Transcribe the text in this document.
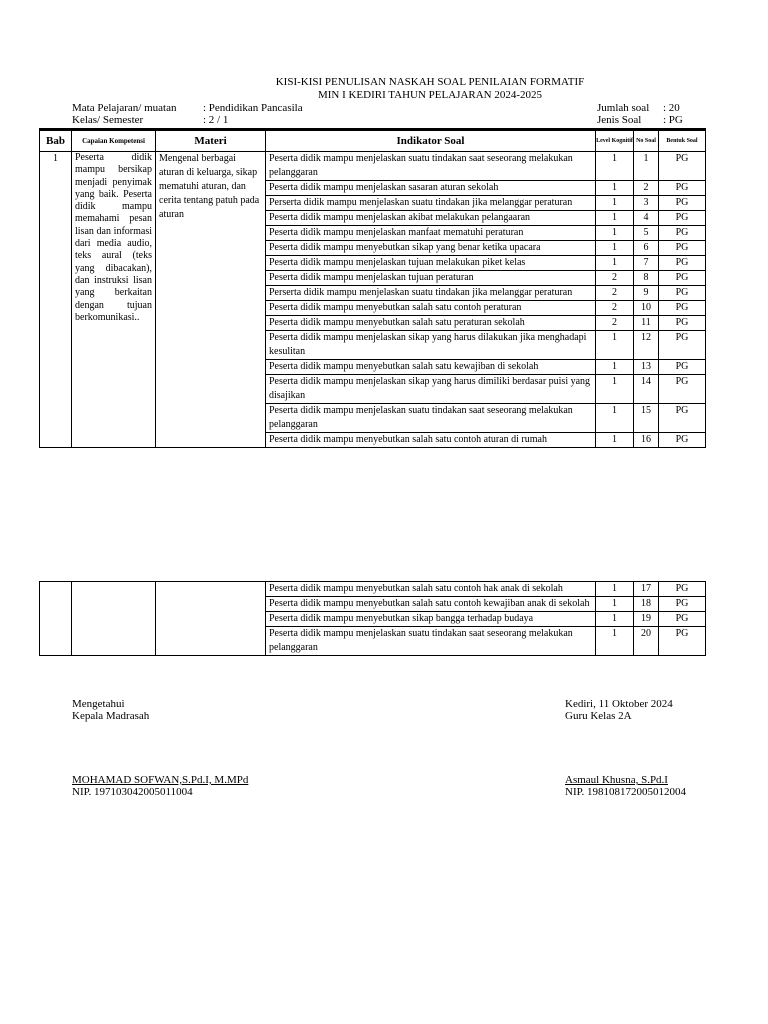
KISI-KISI PENULISAN NASKAH SOAL PENILAIAN FORMATIF
MIN I KEDIRI TAHUN PELAJARAN 2024-2025
Mata Pelajaran/ muatan : Pendidikan Pancasila
Kelas/ Semester	: 2 / 1
Jumlah soal : 20
Jenis Soal : PG
Bab	Capaian Kompetensi	Materi	Indikator Soal	Level Kognitif	No Soal	Bentuk Soal
1	Peserta didik mampu bersikap menjadi penyimak yang baik. Peserta didik mampu memahami pesan lisan dan informasi dari media audio, teks aural (teks yang dibacakan), dan instruksi lisan yang berkaitan dengan tujuan berkomunikasi..	Mengenal berbagai aturan di keluarga, sikap mematuhi aturan, dan cerita tentang patuh pada aturan	Peserta didik mampu menjelaskan suatu tindakan saat seseorang melakukan pelanggaran	1	1	PG
			Peserta didik mampu menjelaskan sasaran aturan sekolah	1	2	PG
			Perserta didik mampu menjelaskan suatu tindakan jika melanggar peraturan	1	3	PG
			Peserta didik mampu menjelaskan akibat melakukan pelangaaran	1	4	PG
			Peserta didik mampu menjelaskan manfaat mematuhi peraturan	1	5	PG
			Peserta didik mampu menyebutkan sikap yang benar ketika upacara	1	6	PG
			Peserta didik mampu menjelaskan tujuan melakukan piket kelas	1	7	PG
			Peserta didik mampu menjelaskan tujuan peraturan	2	8	PG
			Perserta didik mampu menjelaskan suatu tindakan jika melanggar peraturan	2	9	PG
			Peserta didik mampu menyebutkan salah satu contoh peraturan	2	10	PG
			Peserta didik mampu menyebutkan salah satu peraturan sekolah	2	11	PG
			Peserta didik mampu menjelaskan sikap yang harus dilakukan jika menghadapi kesulitan	1	12	PG
			Peserta didik mampu menyebutkan salah satu kewajiban di sekolah	1	13	PG
			Peserta didik mampu menjelaskan sikap yang harus dimiliki berdasar puisi yang disajikan	1	14	PG
			Peserta didik mampu menjelaskan suatu tindakan saat seseorang melakukan pelanggaran	1	15	PG
			Peserta didik mampu menyebutkan salah satu contoh aturan di rumah	1	16	PG
			Peserta didik mampu menyebutkan salah satu contoh hak anak di sekolah	1	17	PG
			Peserta didik mampu menyebutkan salah satu contoh kewajiban anak di sekolah	1	18	PG
			Peserta didik mampu menyebutkan sikap bangga terhadap budaya	1	19	PG
			Peserta didik mampu menjelaskan suatu tindakan saat seseorang melakukan pelanggaran	1	20	PG
Mengetahui
Kepala Madrasah
MOHAMAD SOFWAN,S.Pd.I, M.MPd
NIP. 197103042005011004
Kediri, 11 Oktober 2024
Guru Kelas 2A
Asmaul Khusna, S.Pd.I
NIP. 198108172005012004
